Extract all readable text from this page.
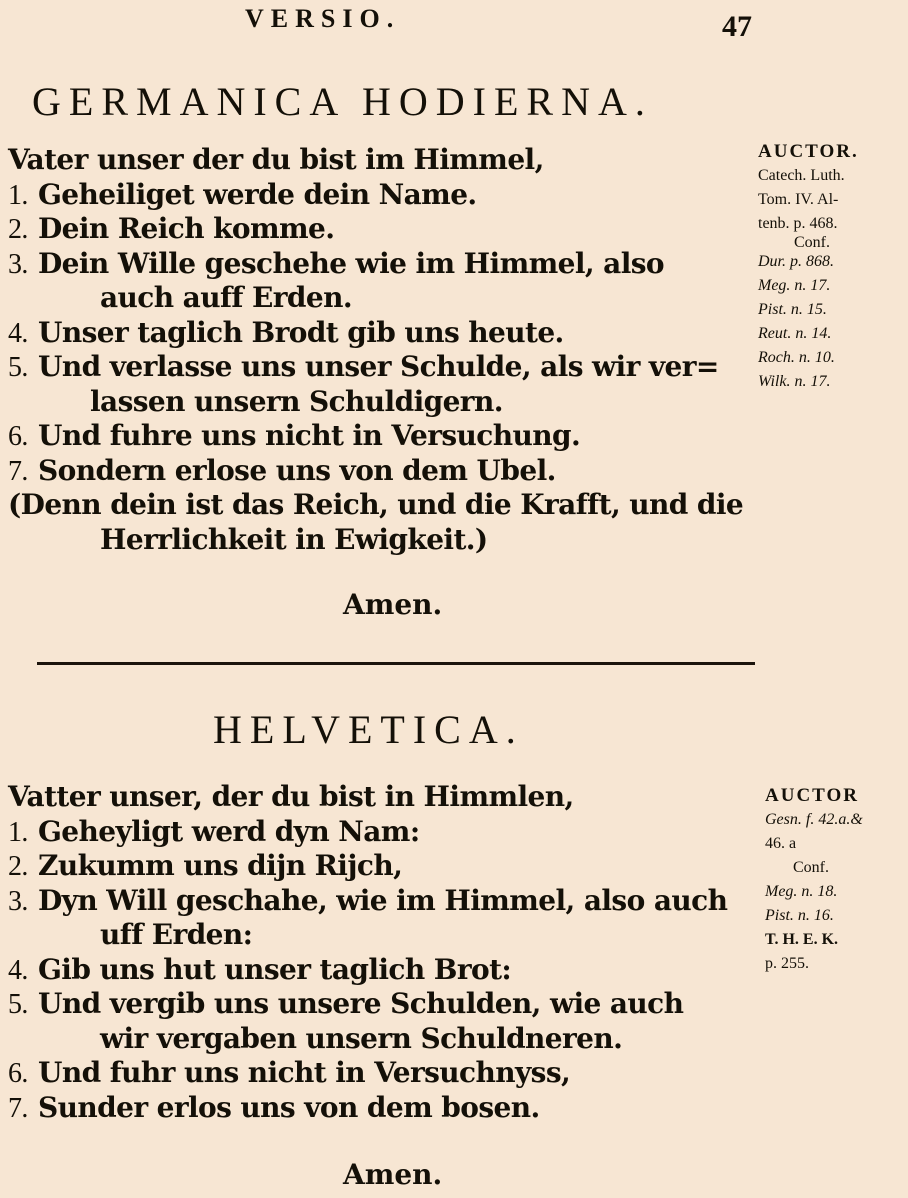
VERSIO.	47
GERMANICA HODIERNA.
Vater unser der du bist im Himmel,
1. Geheiliget werde dein Name.
2. Dein Reich komme.
3. Dein Wille geschehe wie im Himmel, also
auch auff Erden.
4. Unser taglich Brodt gib uns heute.
5. Und verlasse uns unser Schulde, als wir ver=
lassen unsern Schuldigern.
6. Und fuhre uns nicht in Versuchung.
7. Sondern erlose uns von dem Ubel.
(Denn dein ist das Reich, und die Krafft, und die
Herrlichkeit in Ewigkeit.)
Amen.
AUCTOR.
Catech. Luth.
Tom. IV. Al-
tenb. p. 468.
Conf.
Dur. p. 868.
Meg. n. 17.
Pist. n. 15.
Reut. n. 14.
Roch. n. 10.
Wilk. n. 17.
HELVETICA.
Vatter unser, der du bist in Himmlen,
1. Geheyligt werd dyn Nam:
2. Zukumm uns dijn Rijch,
3. Dyn Will geschahe, wie im Himmel, also auch
uff Erden:
4. Gib uns hut unser taglich Brot:
5. Und vergib uns unsere Schulden, wie auch
wir vergaben unsern Schuldneren.
6. Und fuhr uns nicht in Versuchnyss,
7. Sunder erlos uns von dem bosen.
Amen.
AUCTOR
Gesn. f. 42.a.&
46. a
Conf.
Meg. n. 18.
Pist. n. 16.
T. H. E. K.
p. 255.
